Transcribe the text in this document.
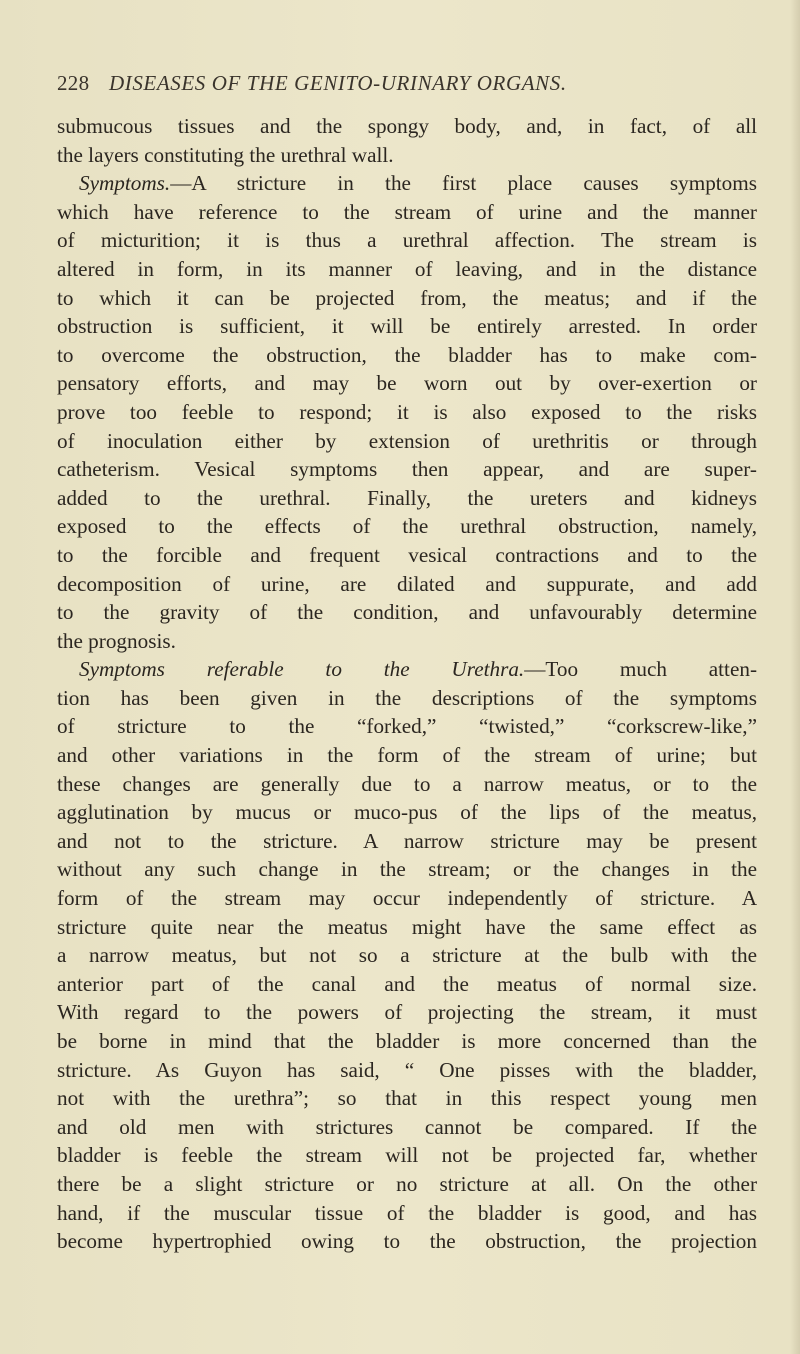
228 DISEASES OF THE GENITO-URINARY ORGANS.
submucous tissues and the spongy body, and, in fact, of all
the layers constituting the urethral wall.
Symptoms.—A stricture in the first place causes symptoms
which have reference to the stream of urine and the manner
of micturition; it is thus a urethral affection. The stream is
altered in form, in its manner of leaving, and in the distance
to which it can be projected from, the meatus; and if the
obstruction is sufficient, it will be entirely arrested. In order
to overcome the obstruction, the bladder has to make com-
pensatory efforts, and may be worn out by over-exertion or
prove too feeble to respond; it is also exposed to the risks
of inoculation either by extension of urethritis or through
catheterism. Vesical symptoms then appear, and are super-
added to the urethral. Finally, the ureters and kidneys
exposed to the effects of the urethral obstruction, namely,
to the forcible and frequent vesical contractions and to the
decomposition of urine, are dilated and suppurate, and add
to the gravity of the condition, and unfavourably determine
the prognosis.
Symptoms referable to the Urethra.—Too much atten-
tion has been given in the descriptions of the symptoms
of stricture to the “forked,” “twisted,” “corkscrew-like,”
and other variations in the form of the stream of urine; but
these changes are generally due to a narrow meatus, or to the
agglutination by mucus or muco-pus of the lips of the meatus,
and not to the stricture. A narrow stricture may be present
without any such change in the stream; or the changes in the
form of the stream may occur independently of stricture. A
stricture quite near the meatus might have the same effect as
a narrow meatus, but not so a stricture at the bulb with the
anterior part of the canal and the meatus of normal size.
With regard to the powers of projecting the stream, it must
be borne in mind that the bladder is more concerned than the
stricture. As Guyon has said, “ One pisses with the bladder,
not with the urethra”; so that in this respect young men
and old men with strictures cannot be compared. If the
bladder is feeble the stream will not be projected far, whether
there be a slight stricture or no stricture at all. On the other
hand, if the muscular tissue of the bladder is good, and has
become hypertrophied owing to the obstruction, the projection
